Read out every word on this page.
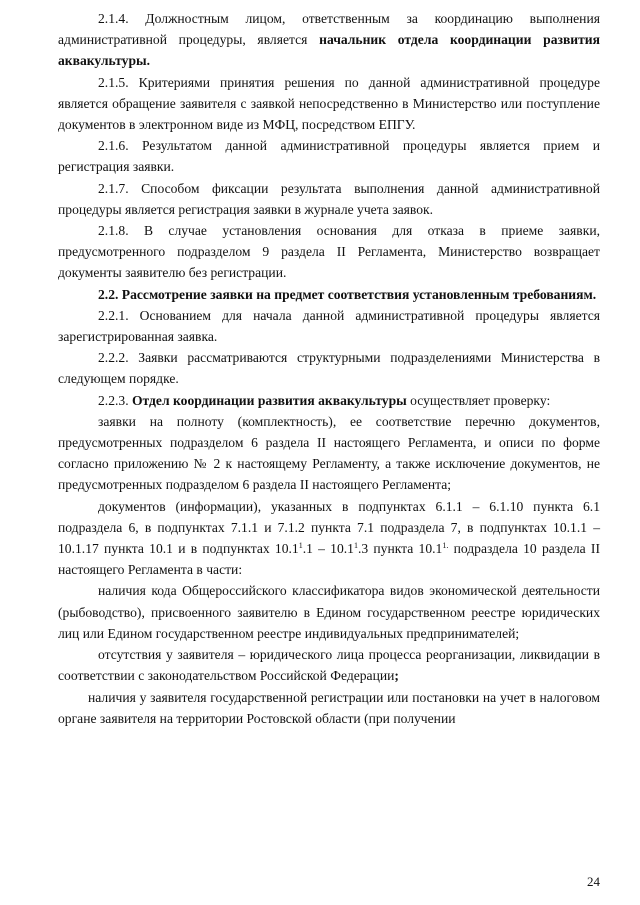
2.1.4. Должностным лицом, ответственным за координацию выполнения административной процедуры, является начальник отдела координации развития аквакультуры.

2.1.5. Критериями принятия решения по данной административной процедуре является обращение заявителя с заявкой непосредственно в Министерство или поступление документов в электронном виде из МФЦ, посредством ЕПГУ.

2.1.6. Результатом данной административной процедуры является прием и регистрация заявки.

2.1.7. Способом фиксации результата выполнения данной административной процедуры является регистрация заявки в журнале учета заявок.

2.1.8. В случае установления основания для отказа в приеме заявки, предусмотренного подразделом 9 раздела II Регламента, Министерство возвращает документы заявителю без регистрации.

2.2. Рассмотрение заявки на предмет соответствия установленным требованиям.

2.2.1. Основанием для начала данной административной процедуры является зарегистрированная заявка.

2.2.2. Заявки рассматриваются структурными подразделениями Министерства в следующем порядке.

2.2.3. Отдел координации развития аквакультуры осуществляет проверку:

заявки на полноту (комплектность), ее соответствие перечню документов, предусмотренных подразделом 6 раздела II настоящего Регламента, и описи по форме согласно приложению № 2 к настоящему Регламенту, а также исключение документов, не предусмотренных подразделом 6 раздела II настоящего Регламента;

документов (информации), указанных в подпунктах 6.1.1 – 6.1.10 пункта 6.1 подраздела 6, в подпунктах 7.1.1 и 7.1.2 пункта 7.1 подраздела 7, в подпунктах 10.1.1 – 10.1.17 пункта 10.1 и в подпунктах 10.1$^1$.1 – 10.1$^1$.3 пункта $10.1^{1.}$ подраздела 10 раздела II настоящего Регламента в части:

наличия кода Общероссийского классификатора видов экономической деятельности (рыбоводство), присвоенного заявителю в Едином государственном реестре юридических лиц или Едином государственном реестре индивидуальных предпринимателей;

отсутствия у заявителя – юридического лица процесса реорганизации, ликвидации в соответствии с законодательством Российской Федерации;

наличия у заявителя государственной регистрации или постановки на учет в налоговом органе заявителя на территории Ростовской области (при получении

24
